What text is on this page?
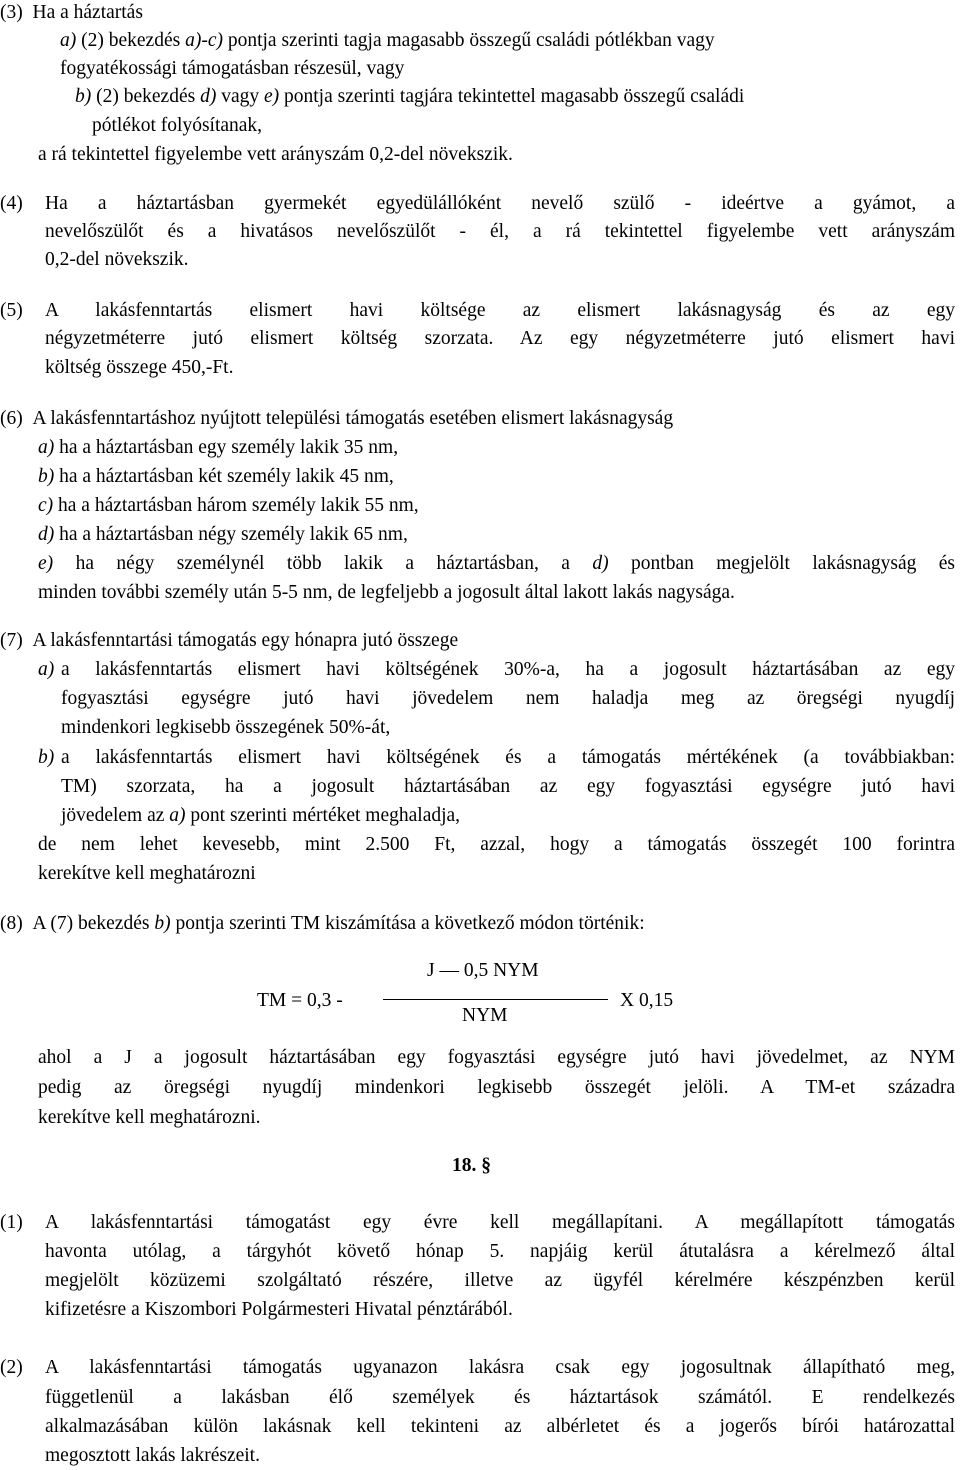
(3) Ha a háztartás
a) (2) bekezdés a)-c) pontja szerinti tagja magasabb összegű családi pótlékban vagy
fogyatékossági támogatásban részesül, vagy
b) (2) bekezdés d) vagy e) pontja szerinti tagjára tekintettel magasabb összegű családi
pótlékot folyósítanak,
a rá tekintettel figyelembe vett arányszám 0,2-del növekszik.
(4) Ha a háztartásban gyermekét egyedülállóként nevelő szülő - ideértve a gyámot, a
nevelőszülőt és a hivatásos nevelőszülőt - él, a rá tekintettel figyelembe vett arányszám
0,2-del növekszik.
(5) A lakásfenntartás elismert havi költsége az elismert lakásnagyság és az egy
négyzetméterre jutó elismert költség szorzata. Az egy négyzetméterre jutó elismert havi
költség összege 450,-Ft.
(6) A lakásfenntartáshoz nyújtott települési támogatás esetében elismert lakásnagyság
a) ha a háztartásban egy személy lakik 35 nm,
b) ha a háztartásban két személy lakik 45 nm,
c) ha a háztartásban három személy lakik 55 nm,
d) ha a háztartásban négy személy lakik 65 nm,
e) ha négy személynél több lakik a háztartásban, a d) pontban megjelölt lakásnagyság és
minden további személy után 5-5 nm, de legfeljebb a jogosult által lakott lakás nagysága.
(7) A lakásfenntartási támogatás egy hónapra jutó összege
a) a lakásfenntartás elismert havi költségének 30%-a, ha a jogosult háztartásában az egy
fogyasztási egységre jutó havi jövedelem nem haladja meg az öregségi nyugdíj
mindenkori legkisebb összegének 50%-át,
b) a lakásfenntartás elismert havi költségének és a támogatás mértékének (a továbbiakban:
TM) szorzata, ha a jogosult háztartásában az egy fogyasztási egységre jutó havi
jövedelem az a) pont szerinti mértéket meghaladja,
de nem lehet kevesebb, mint 2.500 Ft, azzal, hogy a támogatás összegét 100 forintra
kerekítve kell meghatározni
(8) A (7) bekezdés b) pontja szerinti TM kiszámítása a következő módon történik:
TM = 0,3 -
J — 0,5 NYM
NYM
X 0,15
ahol a J a jogosult háztartásában egy fogyasztási egységre jutó havi jövedelmet, az NYM
pedig az öregségi nyugdíj mindenkori legkisebb összegét jelöli. A TM-et századra
kerekítve kell meghatározni.
18. §
(1) A lakásfenntartási támogatást egy évre kell megállapítani. A megállapított támogatás
havonta utólag, a tárgyhót követő hónap 5. napjáig kerül átutalásra a kérelmező által
megjelölt közüzemi szolgáltató részére, illetve az ügyfél kérelmére készpénzben kerül
kifizetésre a Kiszombori Polgármesteri Hivatal pénztárából.
(2) A lakásfenntartási támogatás ugyanazon lakásra csak egy jogosultnak állapítható meg,
függetlenül a lakásban élő személyek és háztartások számától. E rendelkezés
alkalmazásában külön lakásnak kell tekinteni az albérletet és a jogerős bírói határozattal
megosztott lakás lakrészeit.
